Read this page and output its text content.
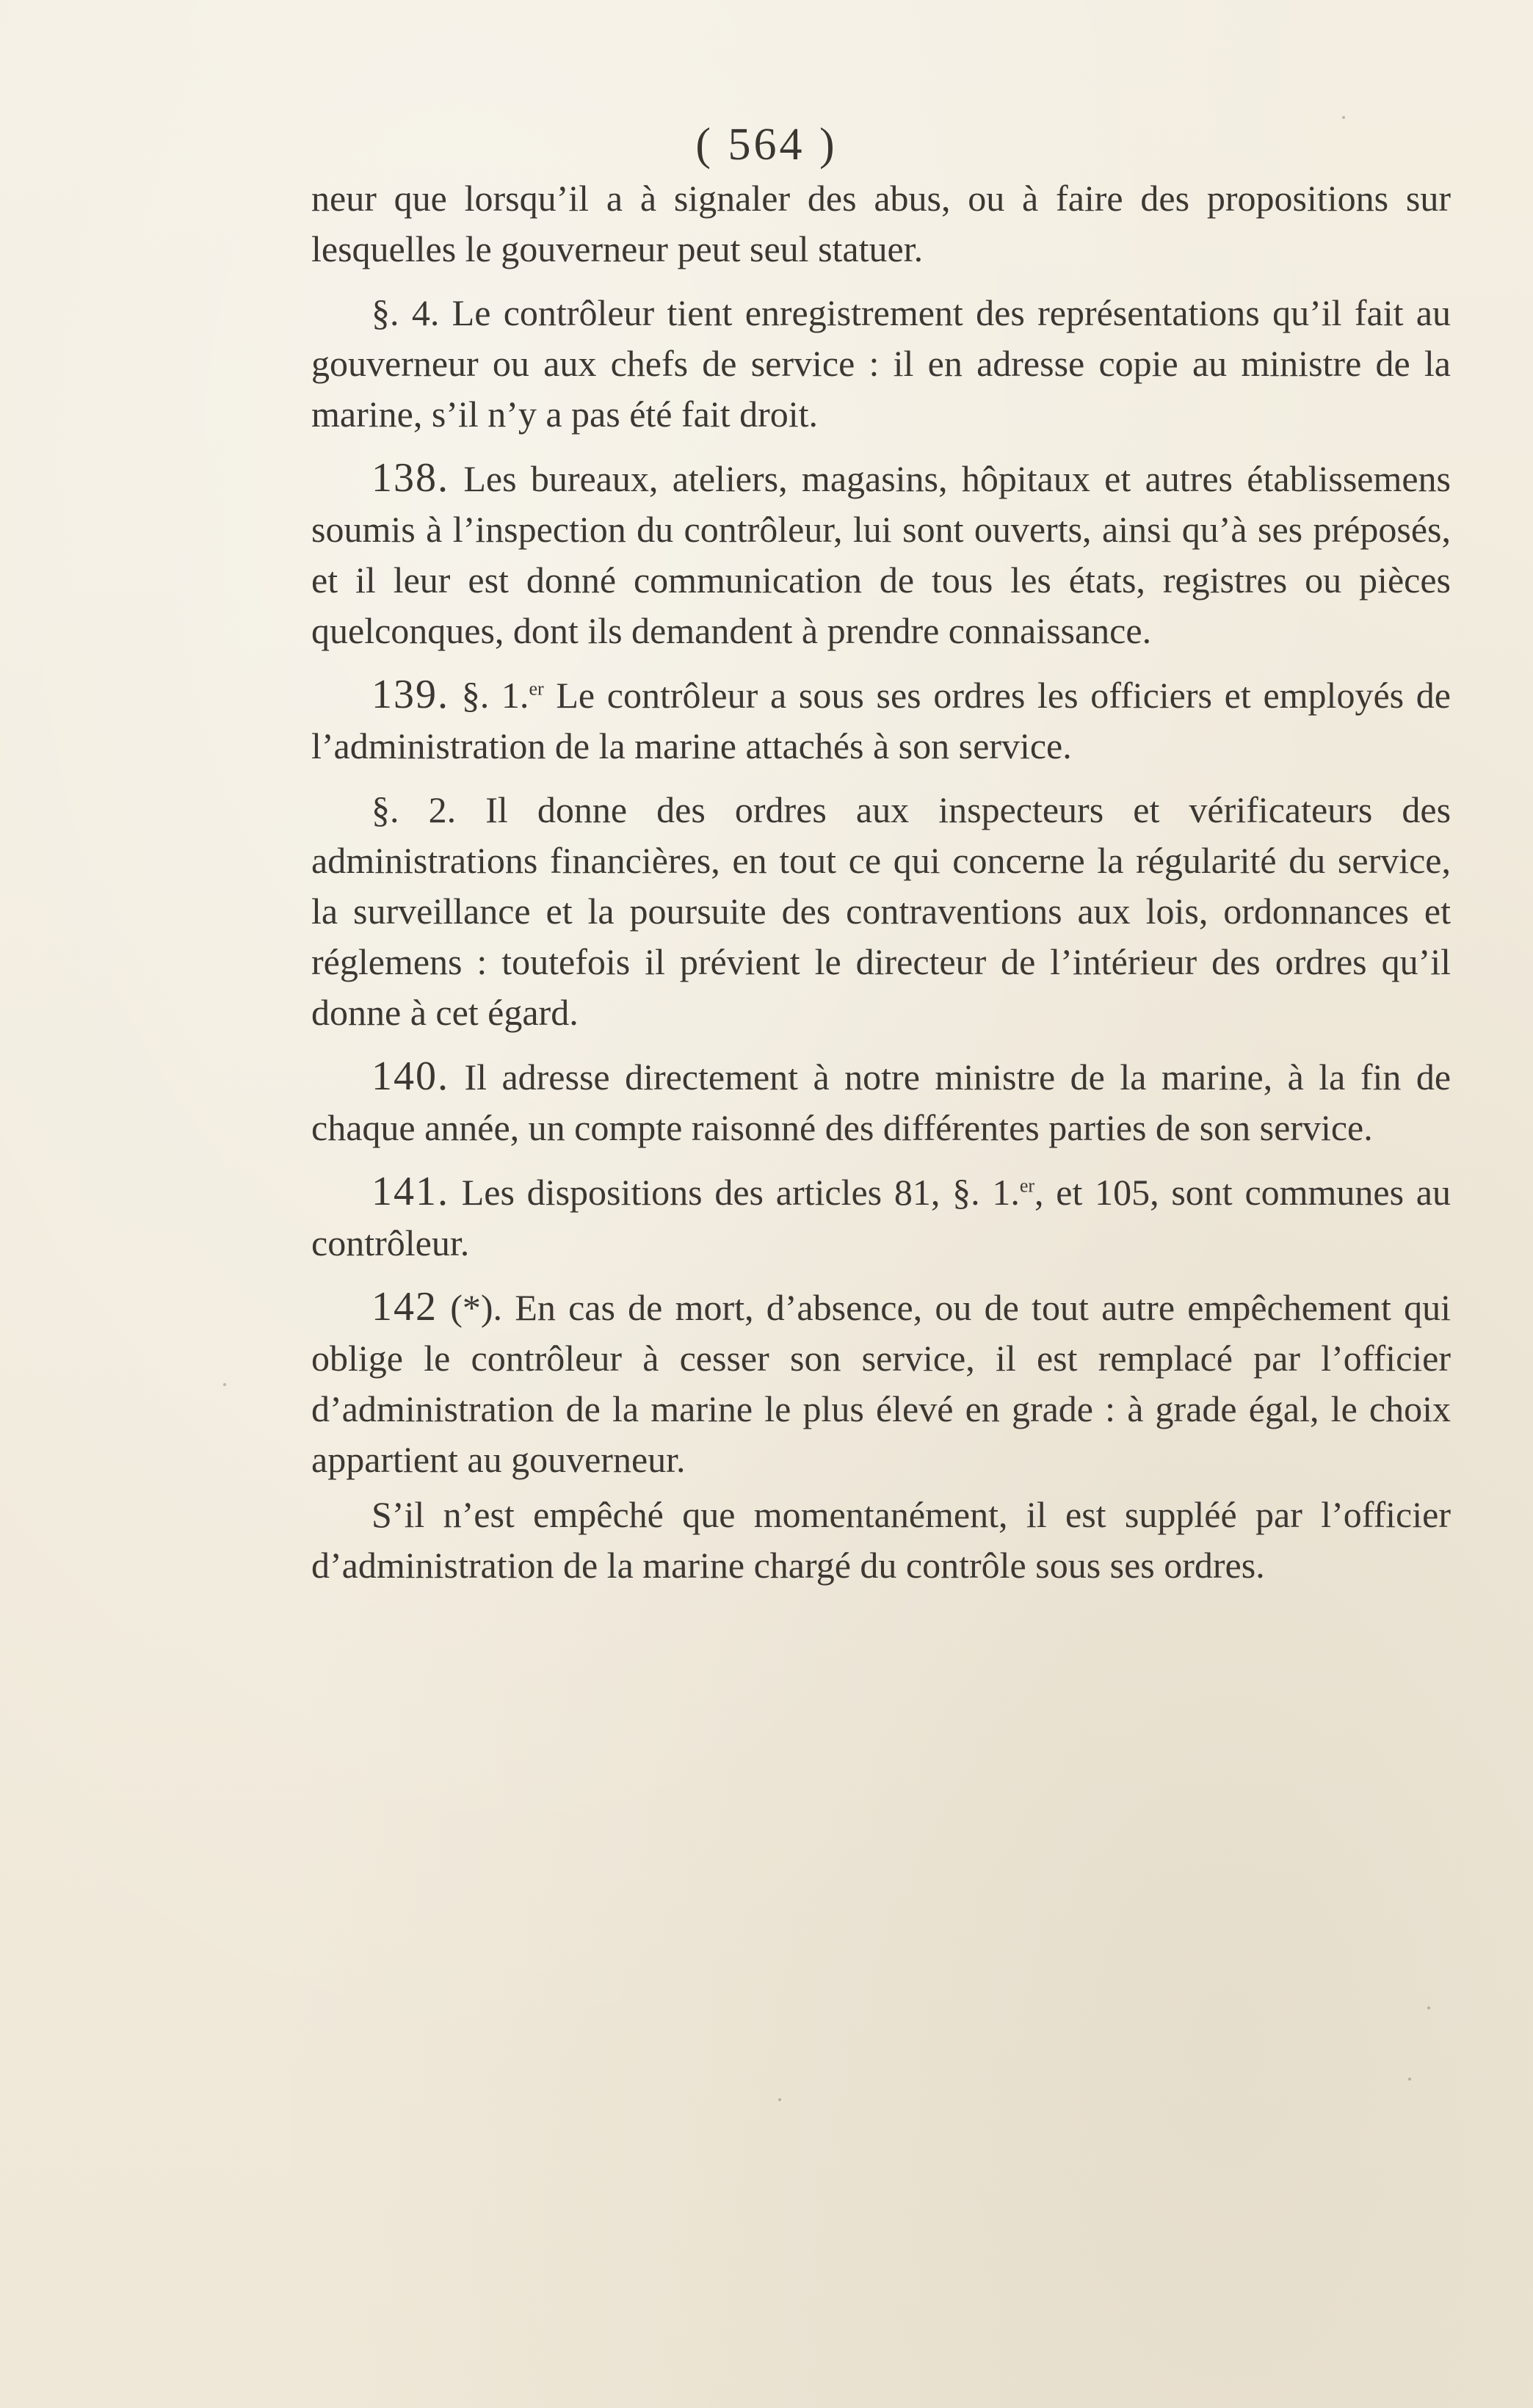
( 564 )

neur que lorsqu’il a à signaler des abus, ou à faire des propositions sur lesquelles le gouverneur peut seul statuer.

§. 4. Le contrôleur tient enregistrement des représentations qu’il fait au gouverneur ou aux chefs de service : il en adresse copie au ministre de la marine, s’il n’y a pas été fait droit.

138. Les bureaux, ateliers, magasins, hôpitaux et autres établissemens soumis à l’inspection du contrôleur, lui sont ouverts, ainsi qu’à ses préposés, et il leur est donné communication de tous les états, registres ou pièces quelconques, dont ils demandent à prendre connaissance.

139. §. 1.$^{er}$ Le contrôleur a sous ses ordres les officiers et employés de l’administration de la marine attachés à son service.

§. 2. Il donne des ordres aux inspecteurs et vérificateurs des administrations financières, en tout ce qui concerne la régularité du service, la surveillance et la poursuite des contraventions aux lois, ordonnances et réglemens : toutefois il prévient le directeur de l’intérieur des ordres qu’il donne à cet égard.

140. Il adresse directement à notre ministre de la marine, à la fin de chaque année, un compte raisonné des différentes parties de son service.

141. Les dispositions des articles 81, §. 1.$^{er}$, et 105, sont communes au contrôleur.

142 (*). En cas de mort, d’absence, ou de tout autre empêchement qui oblige le contrôleur à cesser son service, il est remplacé par l’officier d’administration de la marine le plus élevé en grade : à grade égal, le choix appartient au gouverneur.

S’il n’est empêché que momentanément, il est suppléé par l’officier d’administration de la marine chargé du contrôle sous ses ordres.
